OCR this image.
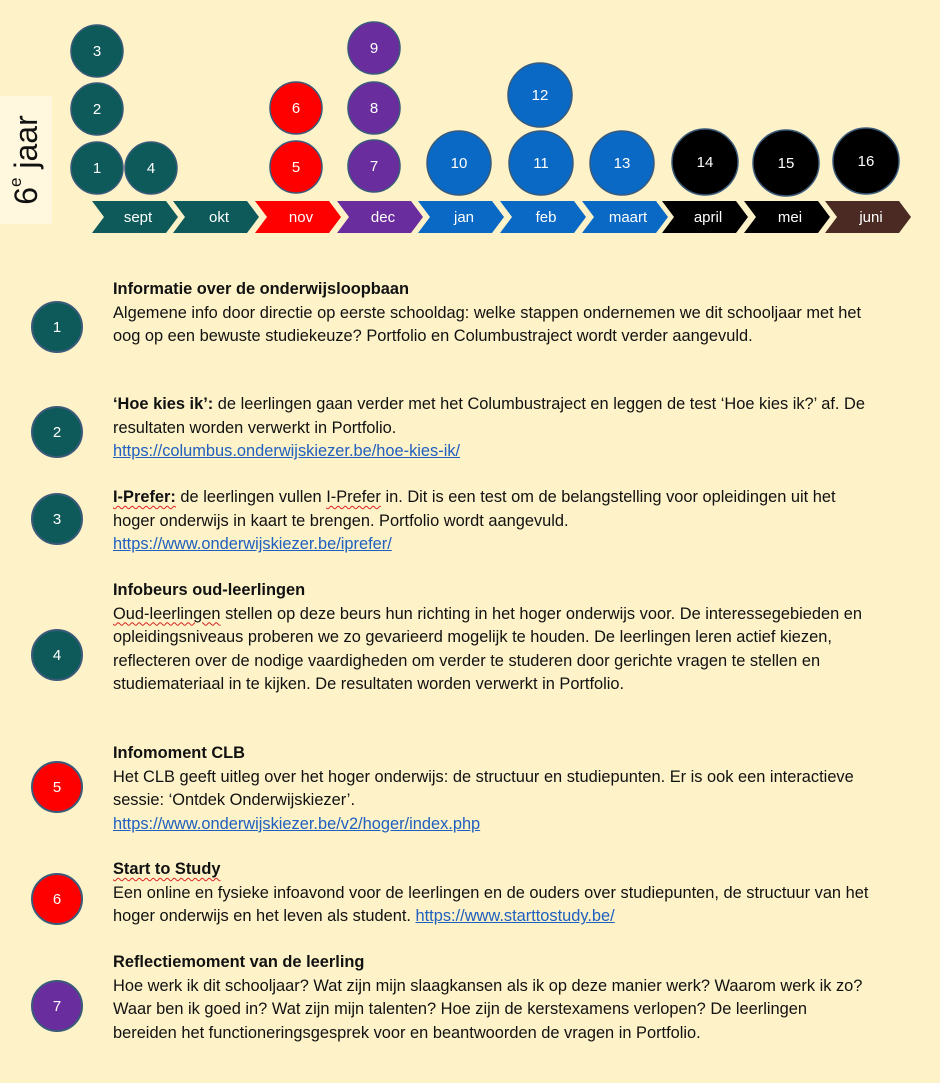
6e jaar
sept	okt	nov	dec	jan	feb	maart	april	mei	juni
1
2
3
4	5
6
7
8
9
10	11
12
13	14	15	16
1
Informatie over de onderwijsloopbaan
Algemene info door directie op eerste schooldag: welke stappen ondernemen we dit schooljaar met het oog op een bewuste studiekeuze? Portfolio en Columbustraject wordt verder aangevuld.
2
‘Hoe kies ik’: de leerlingen gaan verder met het Columbustraject en leggen de test ‘Hoe kies ik?’ af. De resultaten worden verwerkt in Portfolio.
https://columbus.onderwijskiezer.be/hoe-kies-ik/
3
I-Prefer: de leerlingen vullen I-Prefer in. Dit is een test om de belangstelling voor opleidingen uit het hoger onderwijs in kaart te brengen. Portfolio wordt aangevuld.
https://www.onderwijskiezer.be/iprefer/
4
Infobeurs oud-leerlingen
Oud-leerlingen stellen op deze beurs hun richting in het hoger onderwijs voor. De interessegebieden en opleidingsniveaus proberen we zo gevarieerd mogelijk te houden. De leerlingen leren actief kiezen, reflecteren over de nodige vaardigheden om verder te studeren door gerichte vragen te stellen en studiemateriaal in te kijken. De resultaten worden verwerkt in Portfolio.
5
Infomoment CLB
Het CLB geeft uitleg over het hoger onderwijs: de structuur en studiepunten. Er is ook een interactieve sessie: ‘Ontdek Onderwijskiezer’.
https://www.onderwijskiezer.be/v2/hoger/index.php
6
Start to Study
Een online en fysieke infoavond voor de leerlingen en de ouders over studiepunten, de structuur van het hoger onderwijs en het leven als student. https://www.starttostudy.be/
7
Reflectiemoment van de leerling
Hoe werk ik dit schooljaar? Wat zijn mijn slaagkansen als ik op deze manier werk? Waarom werk ik zo? Waar ben ik goed in? Wat zijn mijn talenten? Hoe zijn de kerstexamens verlopen? De leerlingen bereiden het functioneringsgesprek voor en beantwoorden de vragen in Portfolio.
